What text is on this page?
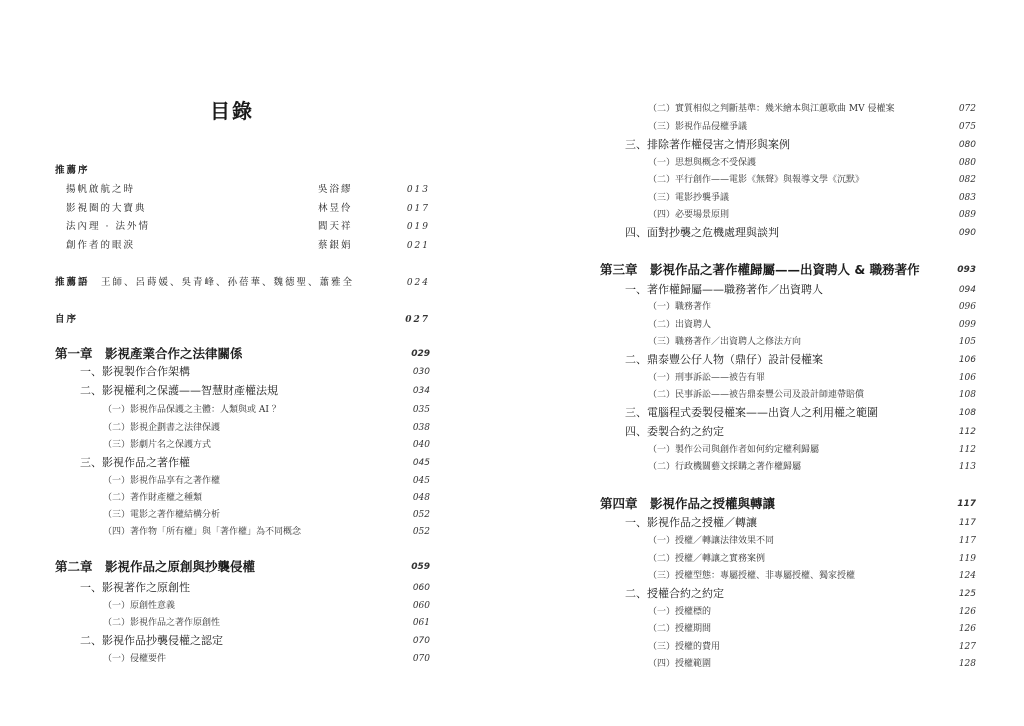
目錄
推薦序
揚帆啟航之時	吳浴繆	013
影視圈的大寶典	林昱伶	017
法內理 · 法外情	閻天祥	019
創作者的眼淚	蔡銀娟	021
推薦語 王師、呂蒔媛、吳青峰、孙蓓華、魏德聖、蕭雅全	024
自序	027
第一章 影視產業合作之法律關係	029
一、影視製作合作架構	030
二、影視權利之保護——智慧財產權法規	034
（一）影視作品保護之主體：人類與或 AI ？	035
（二）影視企劃書之法律保護	038
（三）影劇片名之保護方式	040
三、影視作品之著作權	045
（一）影視作品享有之著作權	045
（二）著作財產權之種類	048
（三）電影之著作權結構分析	052
（四）著作物「所有權」與「著作權」為不同概念	052
第二章 影視作品之原創與抄襲侵權	059
一、影視著作之原創性	060
（一）原創性意義	060
（二）影視作品之著作原創性	061
二、影視作品抄襲侵權之認定	070
（一）侵權要件	070
（二）實質相似之判斷基準：幾米繪本與江蕙歌曲 MV 侵權案	072
（三）影視作品侵權爭議	075
三、排除著作權侵害之情形與案例	080
（一）思想與概念不受保護	080
（二）平行創作——電影《無聲》與報導文學《沉默》	082
（三）電影抄襲爭議	083
（四）必要場景原則	089
四、面對抄襲之危機處理與談判	090
第三章 影視作品之著作權歸屬——出資聘人 & 職務著作	093
一、著作權歸屬——職務著作／出資聘人	094
（一）職務著作	096
（二）出資聘人	099
（三）職務著作／出資聘人之修法方向	105
二、鼎泰豐公仔人物（鼎仔）設計侵權案	106
（一）刑事訴訟——被告有罪	106
（二）民事訴訟——被告鼎泰豐公司及設計師連帶賠償	108
三、電腦程式委製侵權案——出資人之利用權之範圍	108
四、委製合約之約定	112
（一）製作公司與創作者如何約定權利歸屬	112
（二）行政機關藝文採購之著作權歸屬	113
第四章 影視作品之授權與轉讓	117
一、影視作品之授權／轉讓	117
（一）授權／轉讓法律效果不同	117
（二）授權／轉讓之實務案例	119
（三）授權型態：專屬授權、非專屬授權、獨家授權	124
二、授權合約之約定	125
（一）授權標的	126
（二）授權期間	126
（三）授權的費用	127
（四）授權範圍	128
